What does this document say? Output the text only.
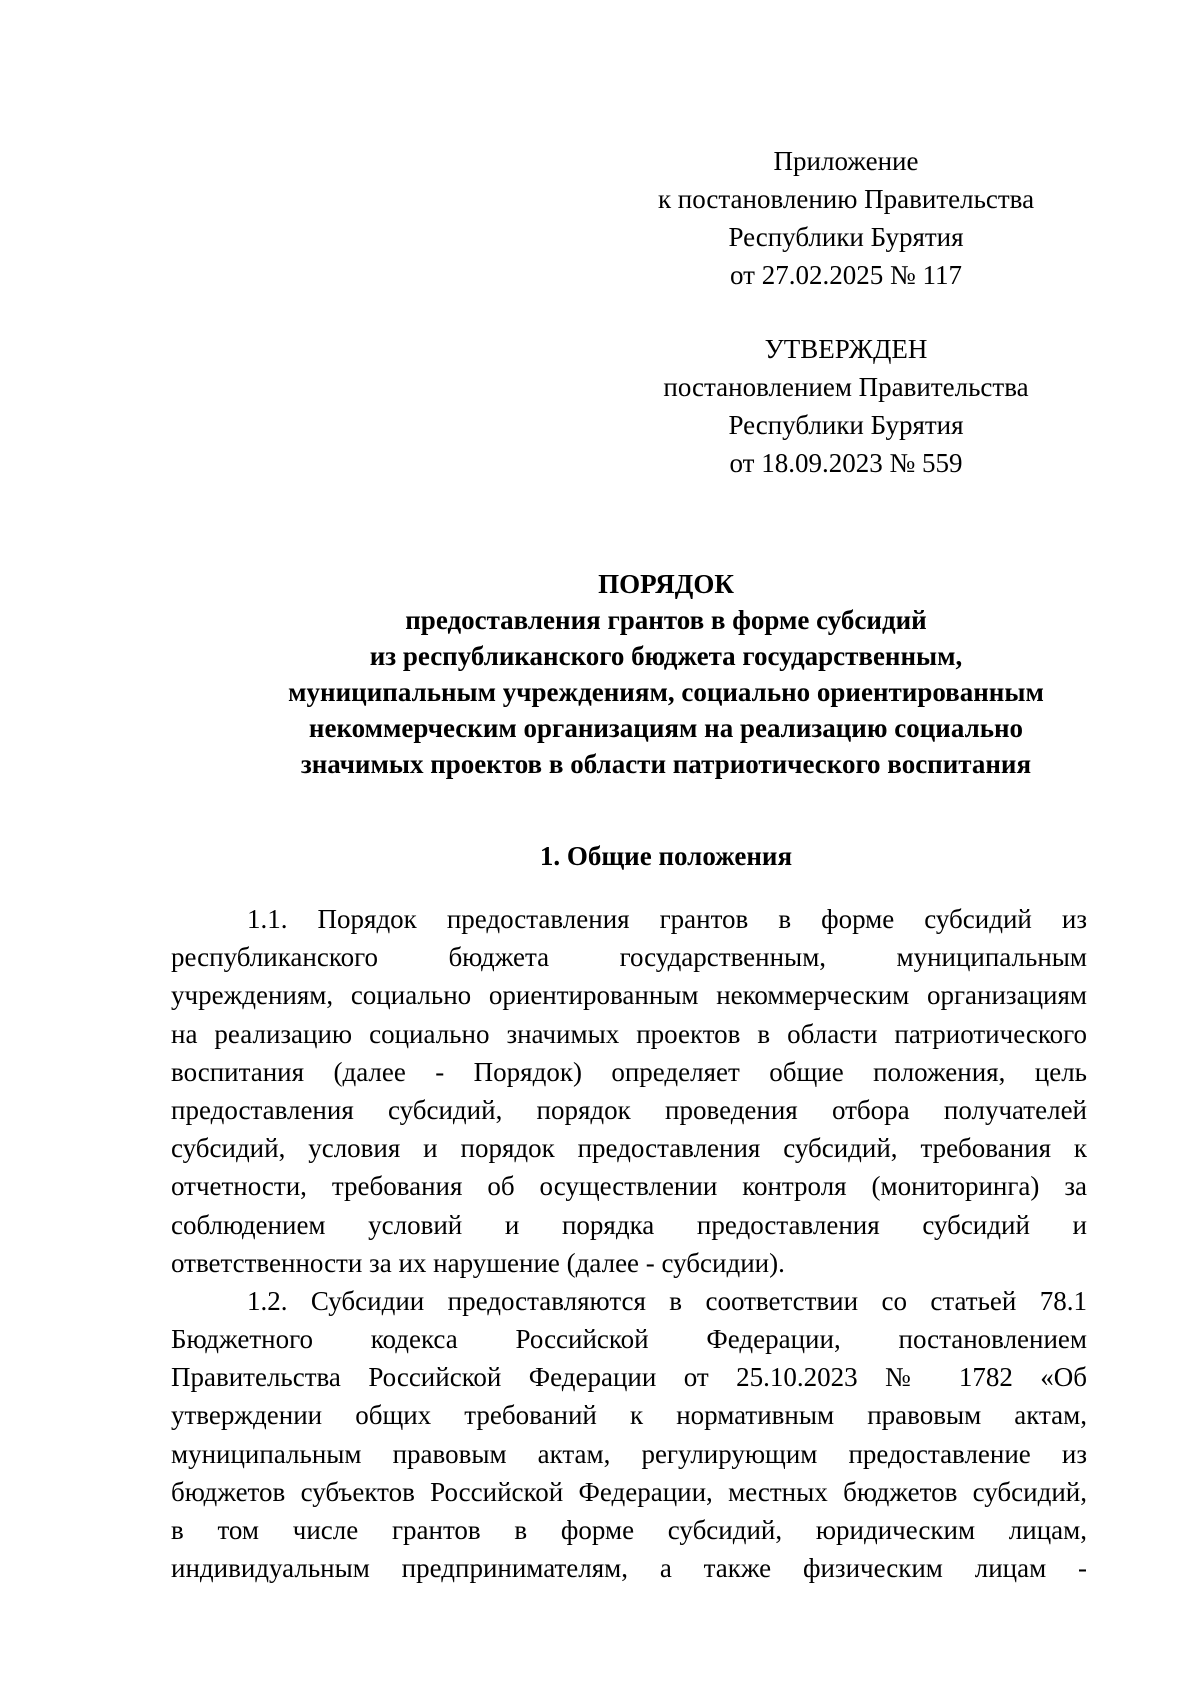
Приложение
к постановлению Правительства
Республики Бурятия
от 27.02.2025 № 117
УТВЕРЖДЕН
постановлением Правительства
Республики Бурятия
от 18.09.2023 № 559
ПОРЯДОК
предоставления грантов в форме субсидий
из республиканского бюджета государственным,
муниципальным учреждениям, социально ориентированным
некоммерческим организациям на реализацию социально
значимых проектов в области патриотического воспитания
1. Общие положения
1.1. Порядок предоставления грантов в форме субсидий из
республиканского бюджета государственным, муниципальным
учреждениям, социально ориентированным некоммерческим организациям
на реализацию социально значимых проектов в области патриотического
воспитания (далее - Порядок) определяет общие положения, цель
предоставления субсидий, порядок проведения отбора получателей
субсидий, условия и порядок предоставления субсидий, требования к
отчетности, требования об осуществлении контроля (мониторинга) за
соблюдением условий и порядка предоставления субсидий и
ответственности за их нарушение (далее - субсидии).
1.2. Субсидии предоставляются в соответствии со статьей 78.1
Бюджетного кодекса Российской Федерации, постановлением
Правительства Российской Федерации от 25.10.2023 № 1782 «Об
утверждении общих требований к нормативным правовым актам,
муниципальным правовым актам, регулирующим предоставление из
бюджетов субъектов Российской Федерации, местных бюджетов субсидий,
в том числе грантов в форме субсидий, юридическим лицам,
индивидуальным предпринимателям, а также физическим лицам -
